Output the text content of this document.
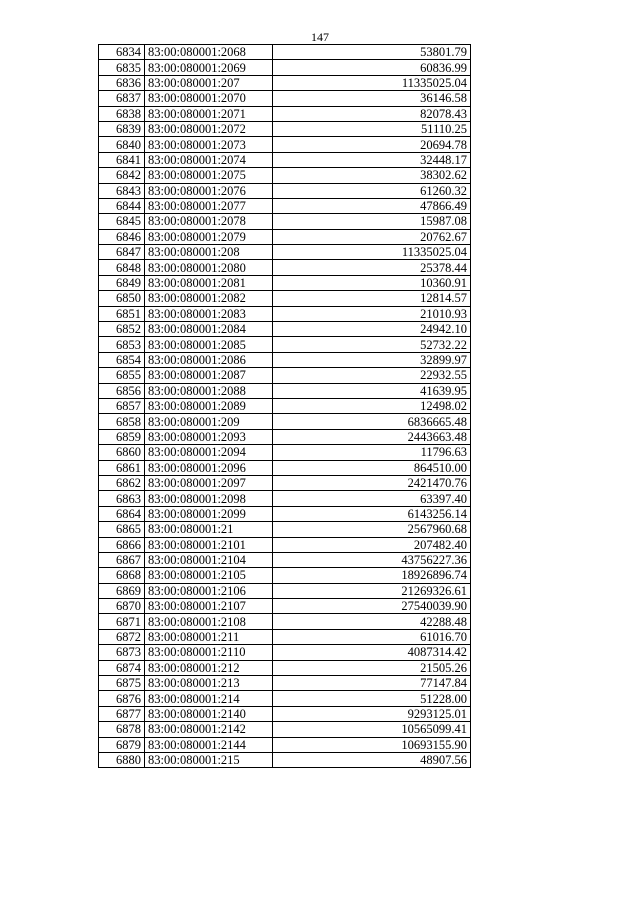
147
6834	83:00:080001:2068	53801.79
6835	83:00:080001:2069	60836.99
6836	83:00:080001:207	11335025.04
6837	83:00:080001:2070	36146.58
6838	83:00:080001:2071	82078.43
6839	83:00:080001:2072	51110.25
6840	83:00:080001:2073	20694.78
6841	83:00:080001:2074	32448.17
6842	83:00:080001:2075	38302.62
6843	83:00:080001:2076	61260.32
6844	83:00:080001:2077	47866.49
6845	83:00:080001:2078	15987.08
6846	83:00:080001:2079	20762.67
6847	83:00:080001:208	11335025.04
6848	83:00:080001:2080	25378.44
6849	83:00:080001:2081	10360.91
6850	83:00:080001:2082	12814.57
6851	83:00:080001:2083	21010.93
6852	83:00:080001:2084	24942.10
6853	83:00:080001:2085	52732.22
6854	83:00:080001:2086	32899.97
6855	83:00:080001:2087	22932.55
6856	83:00:080001:2088	41639.95
6857	83:00:080001:2089	12498.02
6858	83:00:080001:209	6836665.48
6859	83:00:080001:2093	2443663.48
6860	83:00:080001:2094	11796.63
6861	83:00:080001:2096	864510.00
6862	83:00:080001:2097	2421470.76
6863	83:00:080001:2098	63397.40
6864	83:00:080001:2099	6143256.14
6865	83:00:080001:21	2567960.68
6866	83:00:080001:2101	207482.40
6867	83:00:080001:2104	43756227.36
6868	83:00:080001:2105	18926896.74
6869	83:00:080001:2106	21269326.61
6870	83:00:080001:2107	27540039.90
6871	83:00:080001:2108	42288.48
6872	83:00:080001:211	61016.70
6873	83:00:080001:2110	4087314.42
6874	83:00:080001:212	21505.26
6875	83:00:080001:213	77147.84
6876	83:00:080001:214	51228.00
6877	83:00:080001:2140	9293125.01
6878	83:00:080001:2142	10565099.41
6879	83:00:080001:2144	10693155.90
6880	83:00:080001:215	48907.56
